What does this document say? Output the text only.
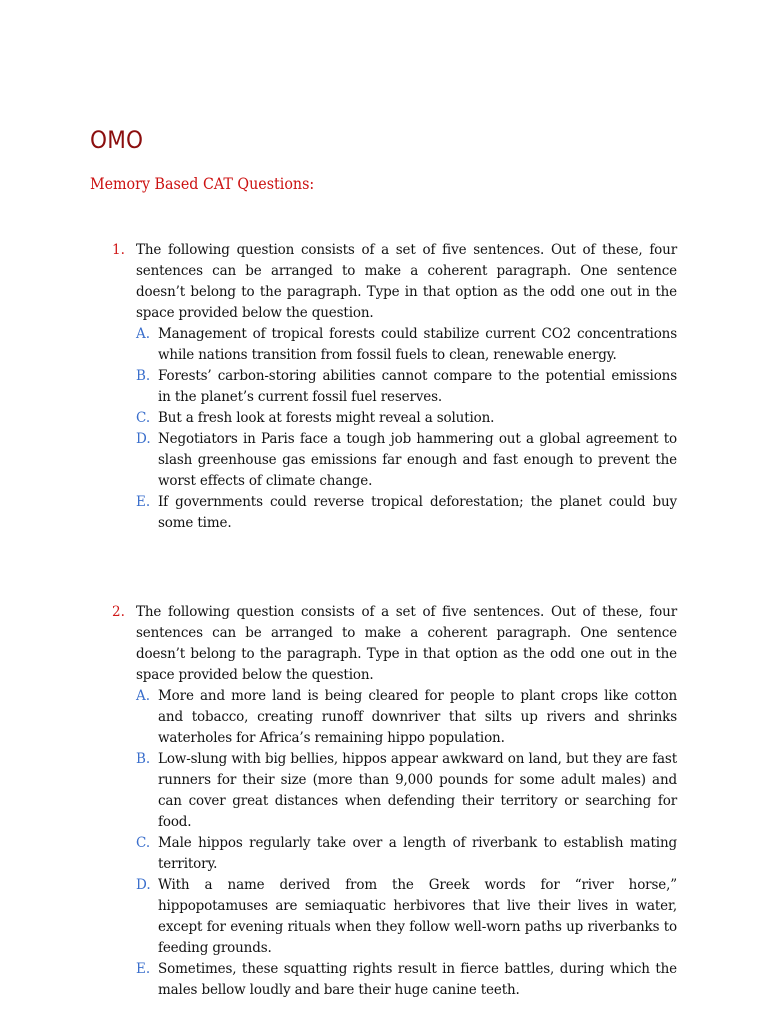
OMO
Memory Based CAT Questions:
1. The following question consists of a set of five sentences. Out of these, four sentences can be arranged to make a coherent paragraph. One sentence doesn’t belong to the paragraph. Type in that option as the odd one out in the space provided below the question.

A. Management of tropical forests could stabilize current CO2 concentrations while nations transition from fossil fuels to clean, renewable energy.
B. Forests’ carbon-storing abilities cannot compare to the potential emissions in the planet’s current fossil fuel reserves.
C. But a fresh look at forests might reveal a solution.
D. Negotiators in Paris face a tough job hammering out a global agreement to slash greenhouse gas emissions far enough and fast enough to prevent the worst effects of climate change.
E. If governments could reverse tropical deforestation; the planet could buy some time.
2. The following question consists of a set of five sentences. Out of these, four sentences can be arranged to make a coherent paragraph. One sentence doesn’t belong to the paragraph. Type in that option as the odd one out in the space provided below the question.

A. More and more land is being cleared for people to plant crops like cotton and tobacco, creating runoff downriver that silts up rivers and shrinks waterholes for Africa’s remaining hippo population.
B. Low-slung with big bellies, hippos appear awkward on land, but they are fast runners for their size (more than 9,000 pounds for some adult males) and can cover great distances when defending their territory or searching for food.
C. Male hippos regularly take over a length of riverbank to establish mating territory.
D. With a name derived from the Greek words for “river horse,” hippopotamuses are semiaquatic herbivores that live their lives in water, except for evening rituals when they follow well-worn paths up riverbanks to feeding grounds.
E. Sometimes, these squatting rights result in fierce battles, during which the males bellow loudly and bare their huge canine teeth.
